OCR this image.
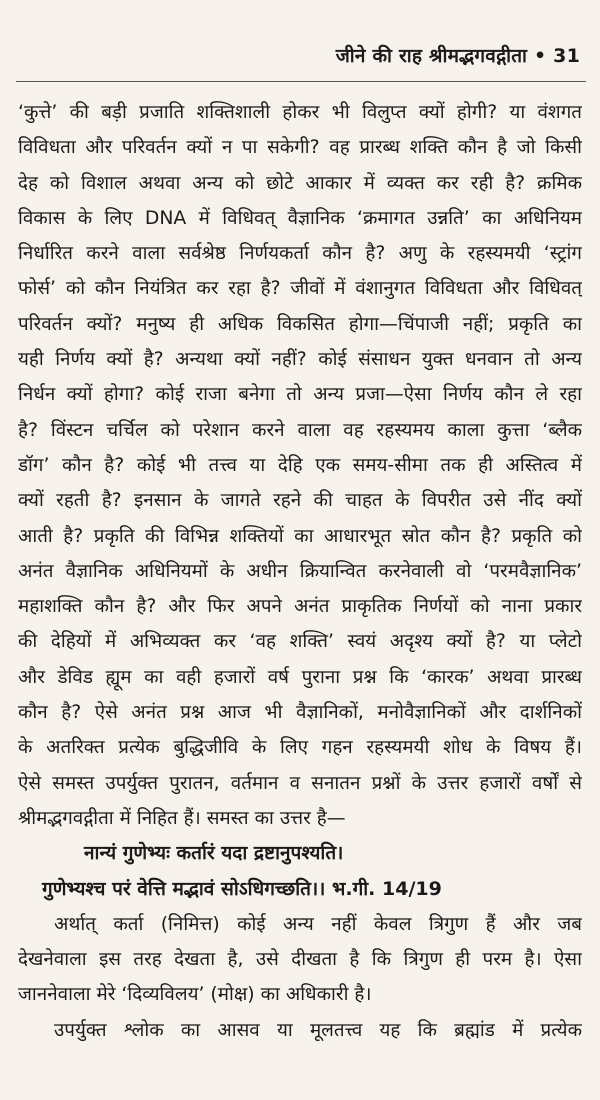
जीने की राह श्रीमद्भगवद्गीता • 31
‘कुत्ते’ की बड़ी प्रजाति शक्तिशाली होकर भी विलुप्त क्यों होगी? या वंशगत
विविधता और परिवर्तन क्यों न पा सकेगी? वह प्रारब्ध शक्ति कौन है जो किसी
देह को विशाल अथवा अन्य को छोटे आकार में व्यक्त कर रही है? क्रमिक
विकास के लिए DNA में विधिवत् वैज्ञानिक ‘क्रमागत उन्नति’ का अधिनियम
निर्धारित करने वाला सर्वश्रेष्ठ निर्णयकर्ता कौन है? अणु के रहस्यमयी ‘स्ट्रांग
फोर्स’ को कौन नियंत्रित कर रहा है? जीवों में वंशानुगत विविधता और विधिवत्
परिवर्तन क्यों? मनुष्य ही अधिक विकसित होगा—चिंपाजी नहीं; प्रकृति का
यही निर्णय क्यों है? अन्यथा क्यों नहीं? कोई संसाधन युक्त धनवान तो अन्य
निर्धन क्यों होगा? कोई राजा बनेगा तो अन्य प्रजा—ऐसा निर्णय कौन ले रहा
है? विंस्टन चर्चिल को परेशान करने वाला वह रहस्यमय काला कुत्ता ‘ब्लैक
डॉग’ कौन है? कोई भी तत्त्व या देहि एक समय-सीमा तक ही अस्तित्व में
क्यों रहती है? इनसान के जागते रहने की चाहत के विपरीत उसे नींद क्यों
आती है? प्रकृति की विभिन्न शक्तियों का आधारभूत स्रोत कौन है? प्रकृति को
अनंत वैज्ञानिक अधिनियमों के अधीन क्रियान्वित करनेवाली वो ‘परमवैज्ञानिक’
महाशक्ति कौन है? और फिर अपने अनंत प्राकृतिक निर्णयों को नाना प्रकार
की देहियों में अभिव्यक्त कर ‘वह शक्ति’ स्वयं अदृश्य क्यों है? या प्लेटो
और डेविड ह्यूम का वही हजारों वर्ष पुराना प्रश्न कि ‘कारक’ अथवा प्रारब्ध
कौन है? ऐसे अनंत प्रश्न आज भी वैज्ञानिकों, मनोवैज्ञानिकों और दार्शनिकों
के अतरिक्त प्रत्येक बुद्धिजीवि के लिए गहन रहस्यमयी शोध के विषय हैं।
ऐसे समस्त उपर्युक्त पुरातन, वर्तमान व सनातन प्रश्नों के उत्तर हजारों वर्षों से
श्रीमद्भगवद्गीता में निहित हैं। समस्त का उत्तर है—
नान्यं गुणेभ्यः कर्तारं यदा द्रष्टानुपश्यति।
गुणेभ्यश्च परं वेत्ति मद्भावं सोऽधिगच्छति।। भ.गी. 14/19
अर्थात् कर्ता (निमित्त) कोई अन्य नहीं केवल त्रिगुण हैं और जब
देखनेवाला इस तरह देखता है, उसे दीखता है कि त्रिगुण ही परम है। ऐसा
जाननेवाला मेरे ‘दिव्यविलय’ (मोक्ष) का अधिकारी है।
उपर्युक्त श्लोक का आसव या मूलतत्त्व यह कि ब्रह्मांड में प्रत्येक
